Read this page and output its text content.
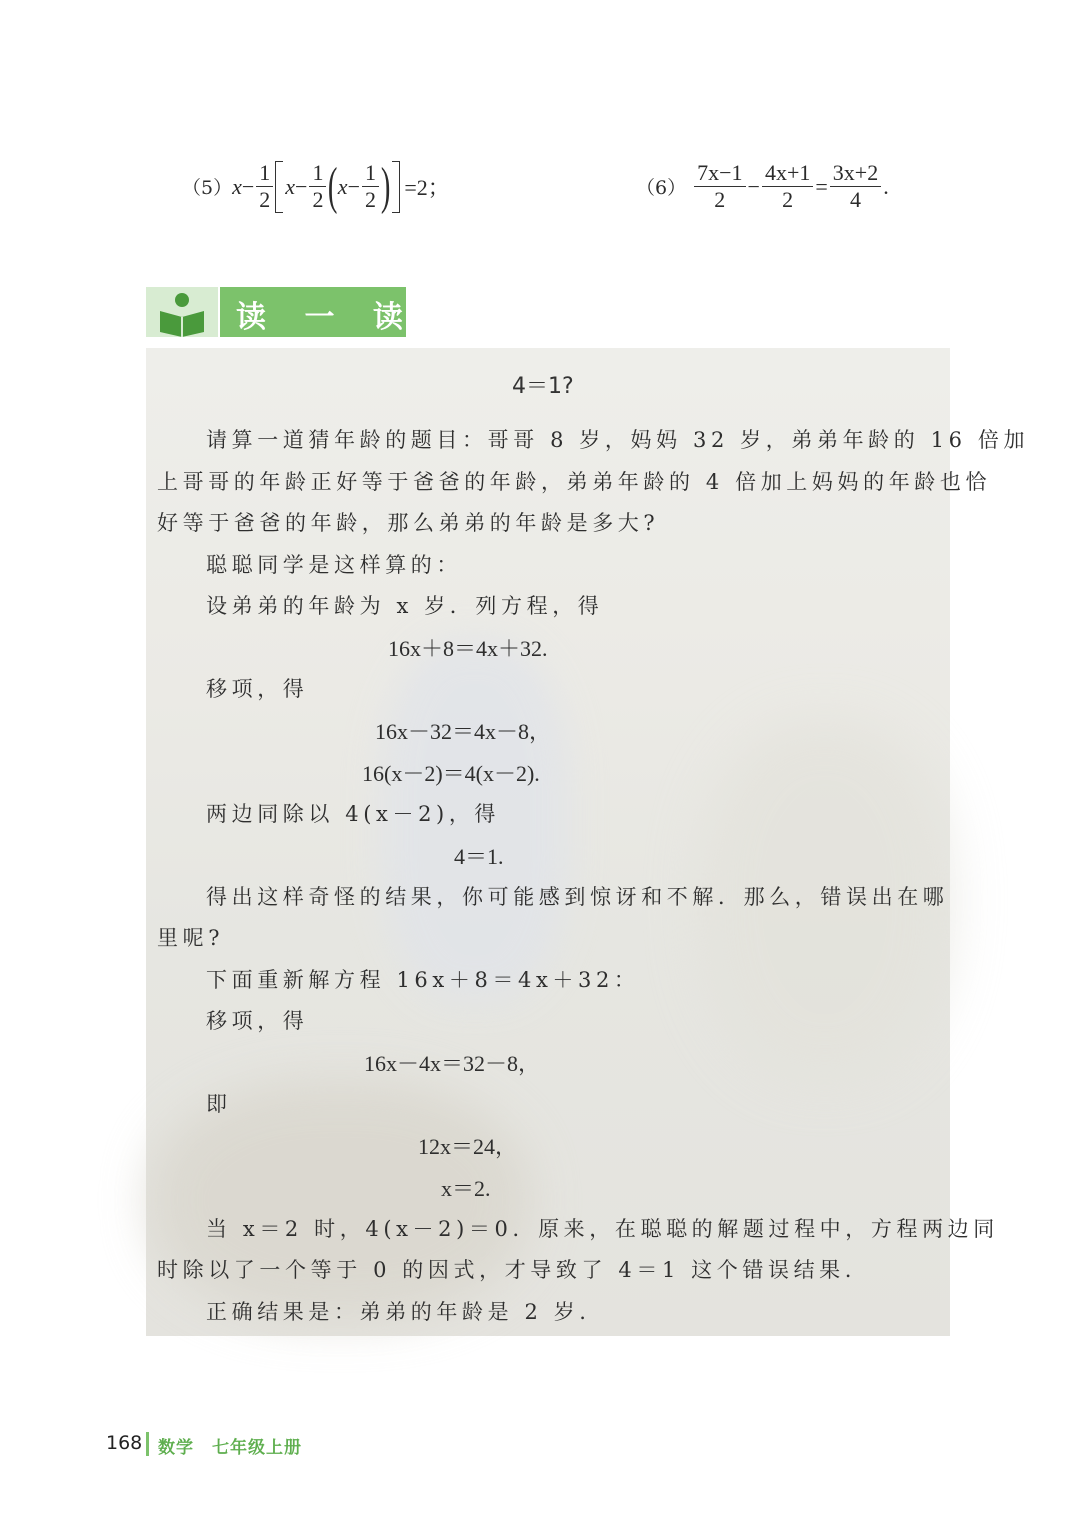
（5） $x - \frac{1}{2}$ $x - \frac{1}{2}$ ( $x - \frac{1}{2}$ ) =2；	$(6) \frac{7x-1}{2} - \frac{4x+1}{2} = \frac{3x+2}{4}$ .
读 一 读
4＝1?
请算一道猜年龄的题目：哥哥 8 岁，妈妈 32 岁，弟弟年龄的 16 倍加
上哥哥的年龄正好等于爸爸的年龄，弟弟年龄的 4 倍加上妈妈的年龄也恰
好等于爸爸的年龄，那么弟弟的年龄是多大?
聪聪同学是这样算的：
设弟弟的年龄为 x 岁．列方程，得
16x＋8＝4x＋32.
移项，得
16x－32＝4x－8，
16(x－2)＝4(x－2).
两边同除以 4(x－2)，得
4＝1.
得出这样奇怪的结果，你可能感到惊讶和不解．那么，错误出在哪
里呢?
下面重新解方程 16x＋8＝4x＋32：
移项，得
16x－4x＝32－8，
即
12x＝24，
x＝2.
当 x＝2 时，4(x－2)＝0．原来，在聪聪的解题过程中，方程两边同
时除以了一个等于 0 的因式，才导致了 4＝1 这个错误结果.
正确结果是：弟弟的年龄是 2 岁.
168 数学　七年级上册
